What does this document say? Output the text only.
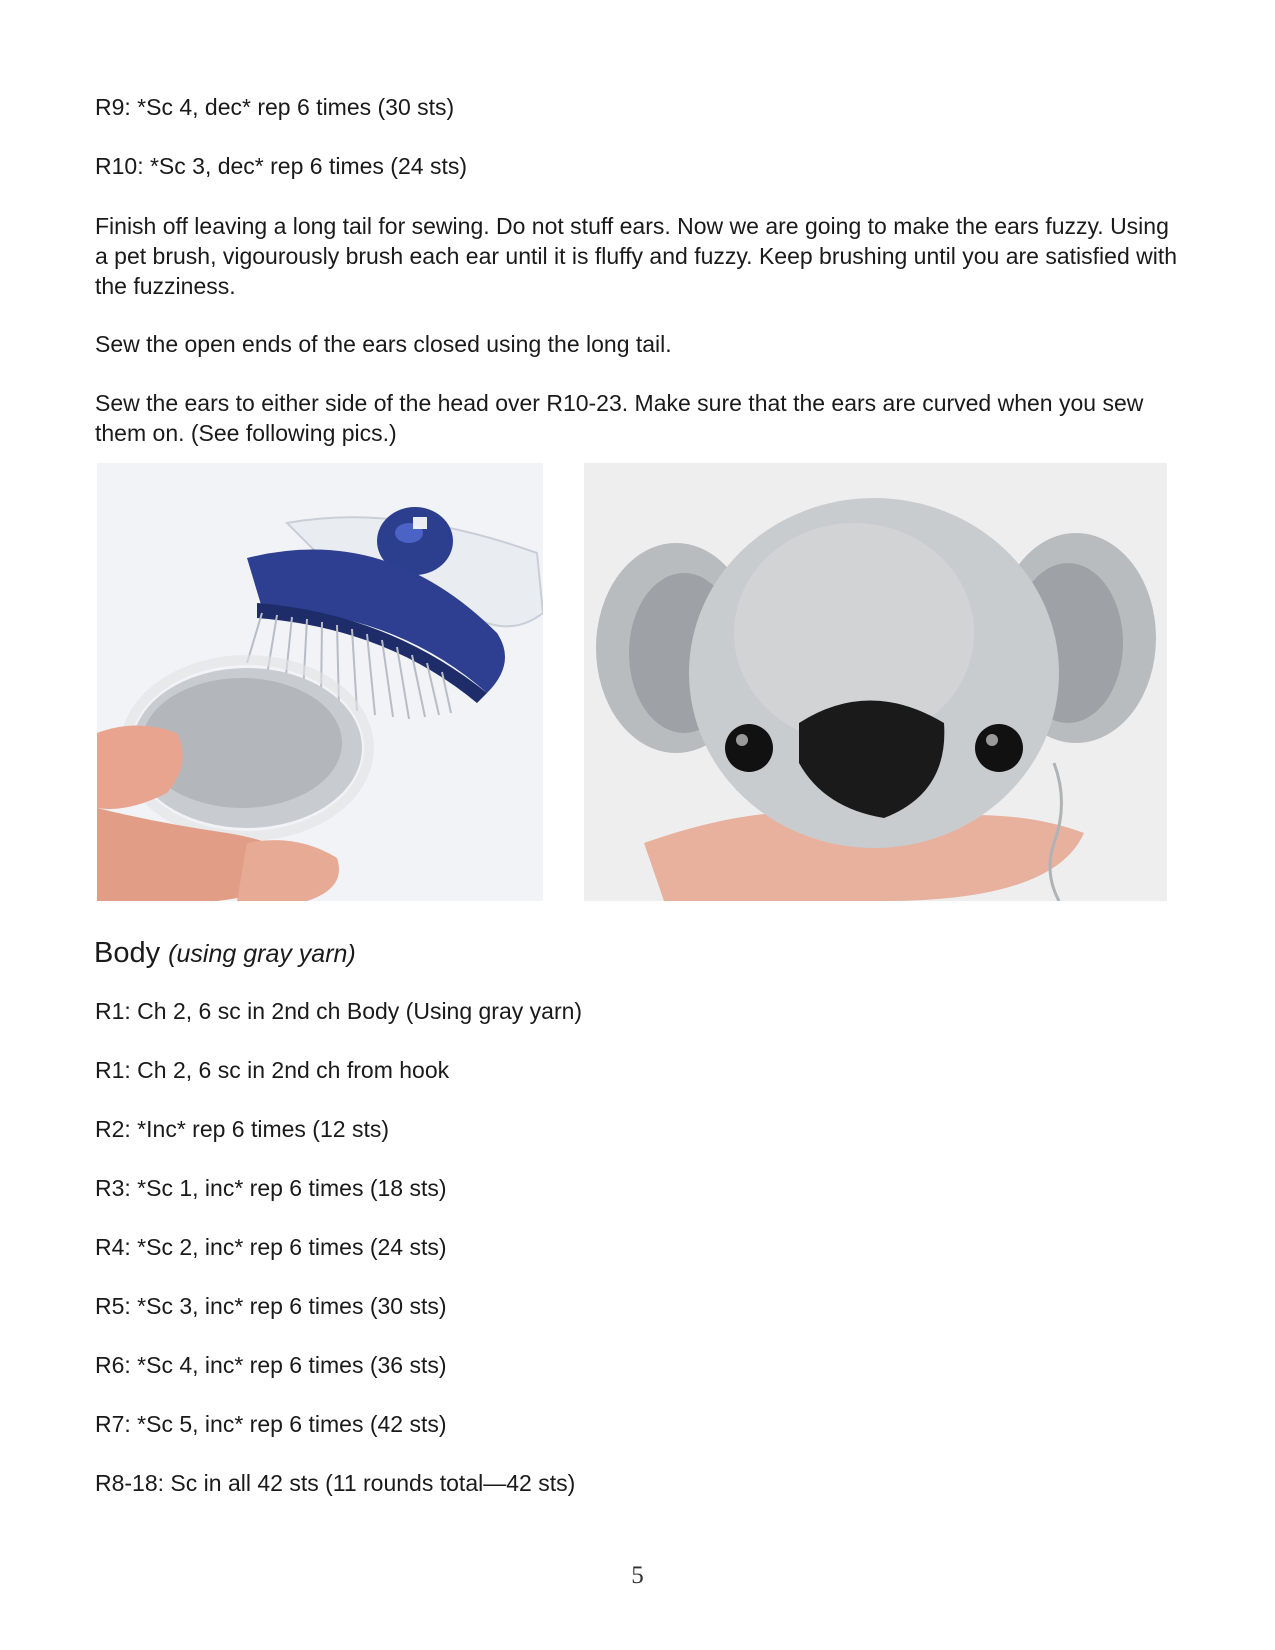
R9: *Sc 4, dec* rep 6 times (30 sts)

R10: *Sc 3, dec* rep 6 times (24 sts)

Finish off leaving a long tail for sewing. Do not stuff ears. Now we are going to make the ears fuzzy. Using a pet brush, vigourously brush each ear until it is fluffy and fuzzy. Keep brushing until you are satisfied with the fuzziness.

Sew the open ends of the ears closed using the long tail.

Sew the ears to either side of the head over R10-23. Make sure that the ears are curved when you sew them on. (See following pics.)

Body (using gray yarn)

R1: Ch 2, 6 sc in 2nd ch Body (Using gray yarn)

R1: Ch 2, 6 sc in 2nd ch from hook

R2: *Inc* rep 6 times (12 sts)

R3: *Sc 1, inc* rep 6 times (18 sts)

R4: *Sc 2, inc* rep 6 times (24 sts)

R5: *Sc 3, inc* rep 6 times (30 sts)

R6: *Sc 4, inc* rep 6 times (36 sts)

R7: *Sc 5, inc* rep 6 times (42 sts)

R8-18: Sc in all 42 sts (11 rounds total—42 sts)

5
